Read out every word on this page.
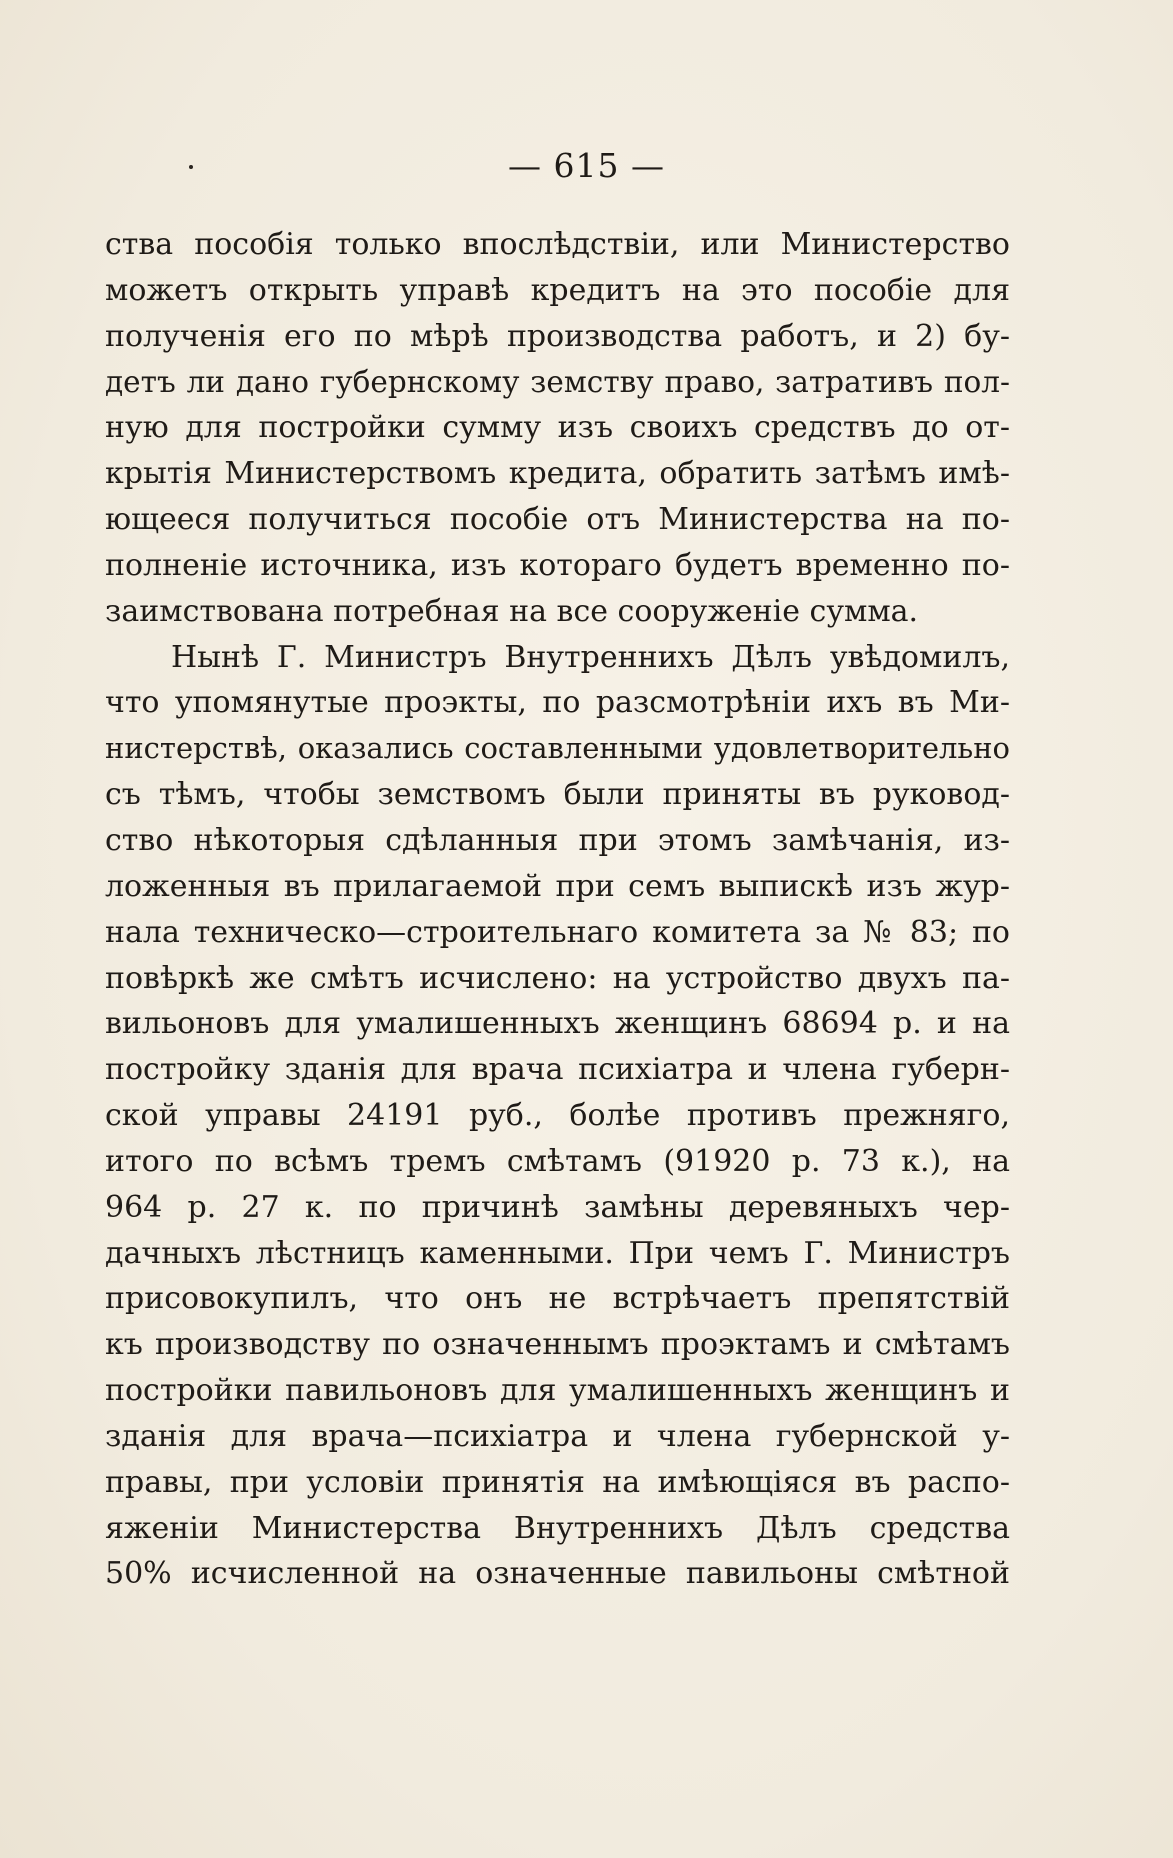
— 615 —
ства пособія только впослѣдствіи, или Министерство
можетъ открыть управѣ кредитъ на это пособіе для
полученія его по мѣрѣ производства работъ, и 2) бу-
детъ ли дано губернскому земству право, затративъ пол-
ную для постройки сумму изъ своихъ средствъ до от-
крытія Министерствомъ кредита, обратить затѣмъ имѣ-
ющееся получиться пособіе отъ Министерства на по-
полненіе источника, изъ котораго будетъ временно по-
заимствована потребная на все сооруженіе сумма.
Нынѣ Г. Министръ Внутреннихъ Дѣлъ увѣдомилъ,
что упомянутые проэкты, по разсмотрѣніи ихъ въ Ми-
нистерствѣ, оказались составленными удовлетворительно
съ тѣмъ, чтобы земствомъ были приняты въ руковод-
ство нѣкоторыя сдѣланныя при этомъ замѣчанія, из-
ложенныя въ прилагаемой при семъ выпискѣ изъ жур-
нала техническо—строительнаго комитета за № 83; по
повѣркѣ же смѣтъ исчислено: на устройство двухъ па-
вильоновъ для умалишенныхъ женщинъ 68694 р. и на
постройку зданія для врача психіатра и члена губерн-
ской управы 24191 руб., болѣе противъ прежняго,
итого по всѣмъ тремъ смѣтамъ (91920 р. 73 к.), на
964 р. 27 к. по причинѣ замѣны деревяныхъ чер-
дачныхъ лѣстницъ каменными. При чемъ Г. Министръ
присовокупилъ, что онъ не встрѣчаетъ препятствій
къ производству по означеннымъ проэктамъ и смѣтамъ
постройки павильоновъ для умалишенныхъ женщинъ и
зданія для врача—психіатра и члена губернской у-
правы, при условіи принятія на имѣющіяся въ распо-
яженіи Министерства Внутреннихъ Дѣлъ средства
50% исчисленной на означенные павильоны смѣтной
